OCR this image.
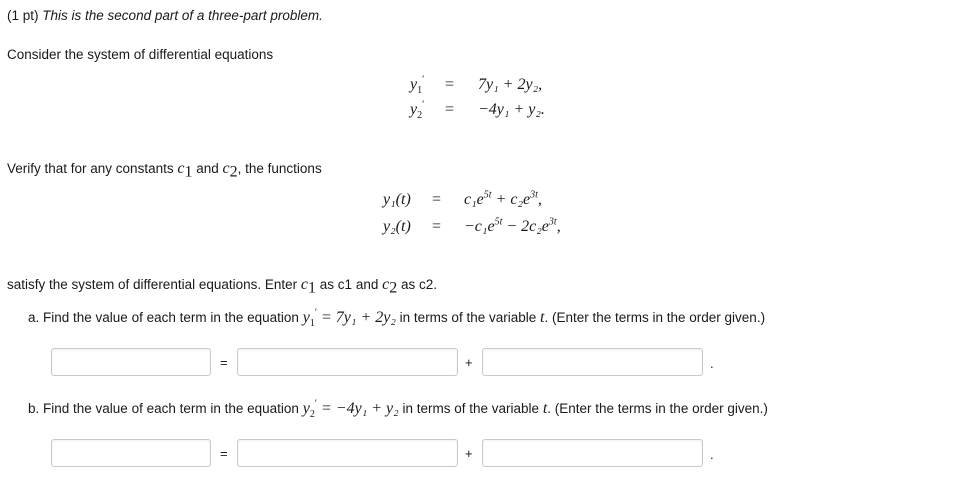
(1 pt) This is the second part of a three-part problem.
Consider the system of differential equations
$y_1' = 7y_1 + 2y_2$,
$y_2' = -4y_1 + y_2$.
Verify that for any constants $c_1$ and $c_2$, the functions
$y_1(t) = c_1e^{5t} + c_2e^{3t}$,
$y_2(t) = -c_1e^{5t} - 2c_2e^{3t}$,
satisfy the system of differential equations. Enter $c_1$ as c1 and $c_2$ as c2.
a. Find the value of each term in the equation $y_1' = 7y_1 + 2y_2$ in terms of the variable t. (Enter the terms in the order given.)
=	+	.
b. Find the value of each term in the equation $y_2' = -4y_1 + y_2$ in terms of the variable t. (Enter the terms in the order given.)
=	+	.
